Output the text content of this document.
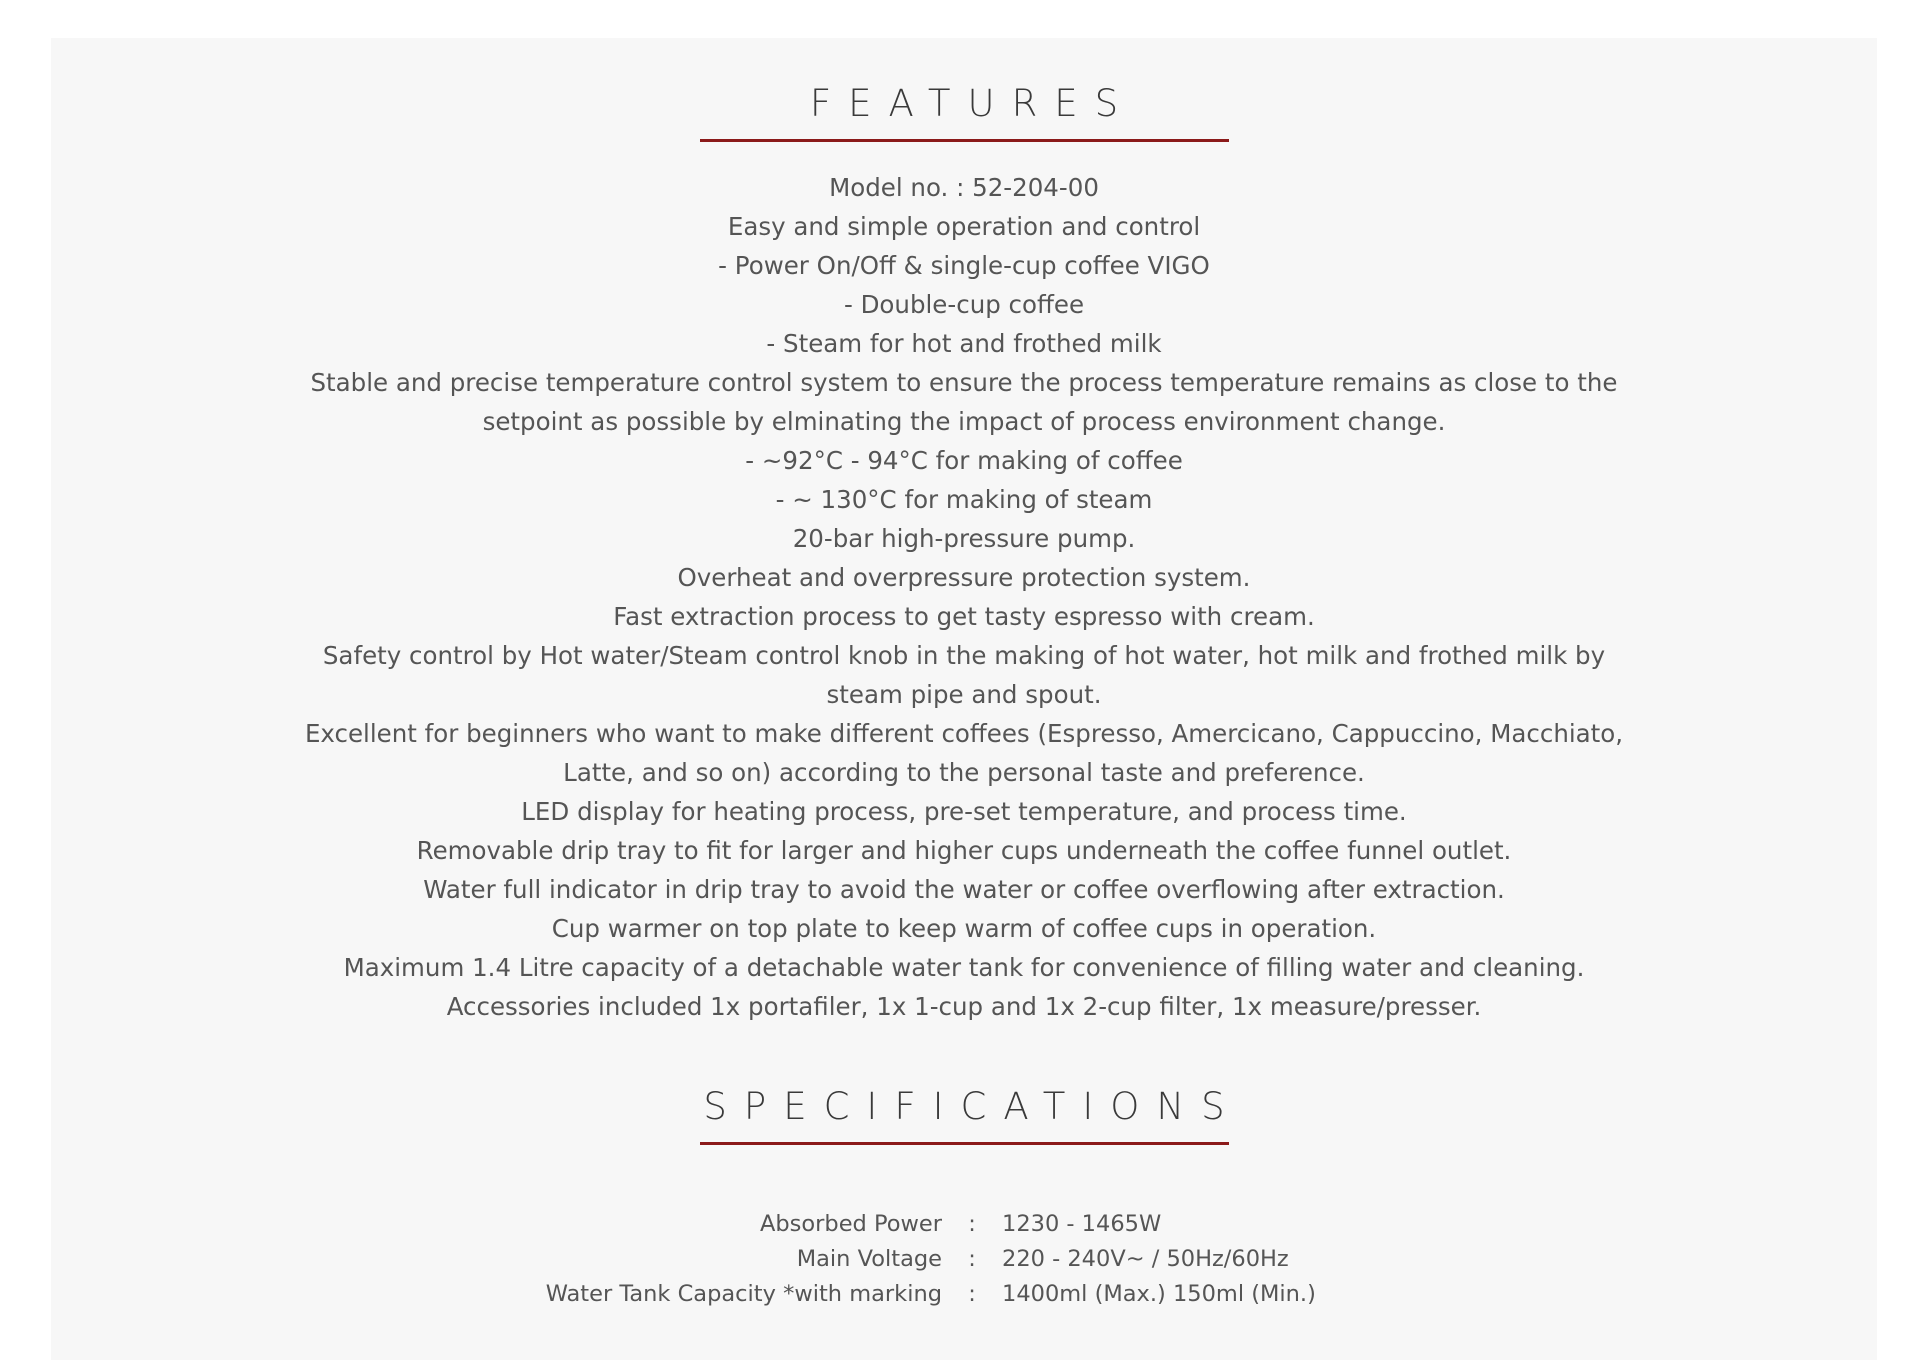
FEATURES
Model no. : 52-204-00
Easy and simple operation and control
- Power On/Off & single-cup coffee VIGO
- Double-cup coffee
- Steam for hot and frothed milk
Stable and precise temperature control system to ensure the process temperature remains as close to the setpoint as possible by elminating the impact of process environment change.
- ~92°C - 94°C for making of coffee
- ~ 130°C for making of steam
20-bar high-pressure pump.
Overheat and overpressure protection system.
Fast extraction process to get tasty espresso with cream.
Safety control by Hot water/Steam control knob in the making of hot water, hot milk and frothed milk by steam pipe and spout.
Excellent for beginners who want to make different coffees (Espresso, Amercicano, Cappuccino, Macchiato, Latte, and so on) according to the personal taste and preference.
LED display for heating process, pre-set temperature, and process time.
Removable drip tray to fit for larger and higher cups underneath the coffee funnel outlet.
Water full indicator in drip tray to avoid the water or coffee overflowing after extraction.
Cup warmer on top plate to keep warm of coffee cups in operation.
Maximum 1.4 Litre capacity of a detachable water tank for convenience of filling water and cleaning.
Accessories included 1x portafiler, 1x 1-cup and 1x 2-cup filter, 1x measure/presser.
SPECIFICATIONS
Absorbed Power	:	1230 - 1465W
Main Voltage	:	220 - 240V~ / 50Hz/60Hz
Water Tank Capacity *with marking	:	1400ml (Max.) 150ml (Min.)
